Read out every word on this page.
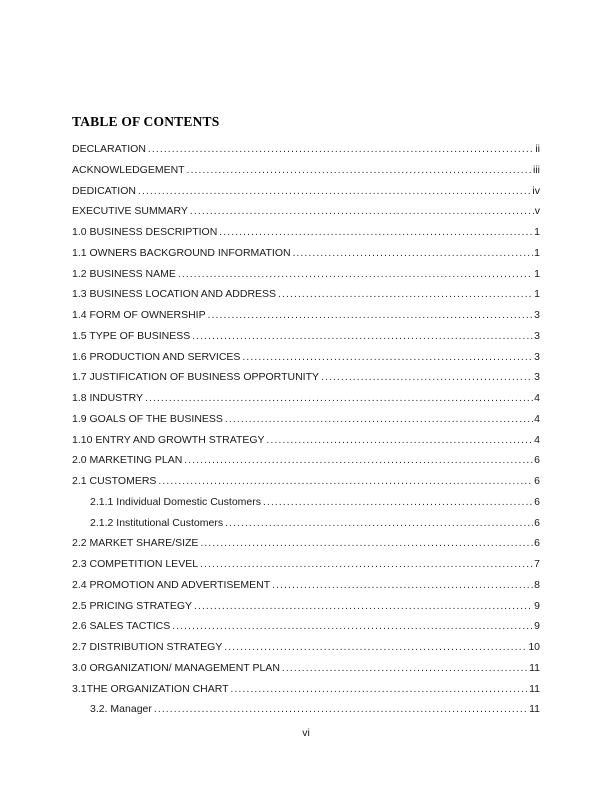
TABLE OF CONTENTS
DECLARATION .....	ii
ACKNOWLEDGEMENT .....	iii
DEDICATION .....	iv
EXECUTIVE SUMMARY .....	v
1.0 BUSINESS DESCRIPTION .....	1
1.1 OWNERS BACKGROUND INFORMATION .....	1
1.2 BUSINESS NAME .....	1
1.3 BUSINESS LOCATION AND ADDRESS .....	1
1.4 FORM OF OWNERSHIP .....	3
1.5 TYPE OF BUSINESS .....	3
1.6 PRODUCTION AND SERVICES .....	3
1.7 JUSTIFICATION OF BUSINESS OPPORTUNITY .....	3
1.8 INDUSTRY .....	4
1.9 GOALS OF THE BUSINESS .....	4
1.10 ENTRY AND GROWTH STRATEGY .....	4
2.0 MARKETING PLAN .....	6
2.1 CUSTOMERS .....	6
2.1.1 Individual Domestic Customers .....	6
2.1.2 Institutional Customers .....	6
2.2 MARKET SHARE/SIZE .....	6
2.3 COMPETITION LEVEL .....	7
2.4 PROMOTION AND ADVERTISEMENT .....	8
2.5 PRICING STRATEGY .....	9
2.6 SALES TACTICS .....	9
2.7 DISTRIBUTION STRATEGY .....	10
3.0 ORGANIZATION/ MANAGEMENT PLAN .....	11
3.1THE ORGANIZATION CHART .....	11
3.2. Manager .....	11
vi
